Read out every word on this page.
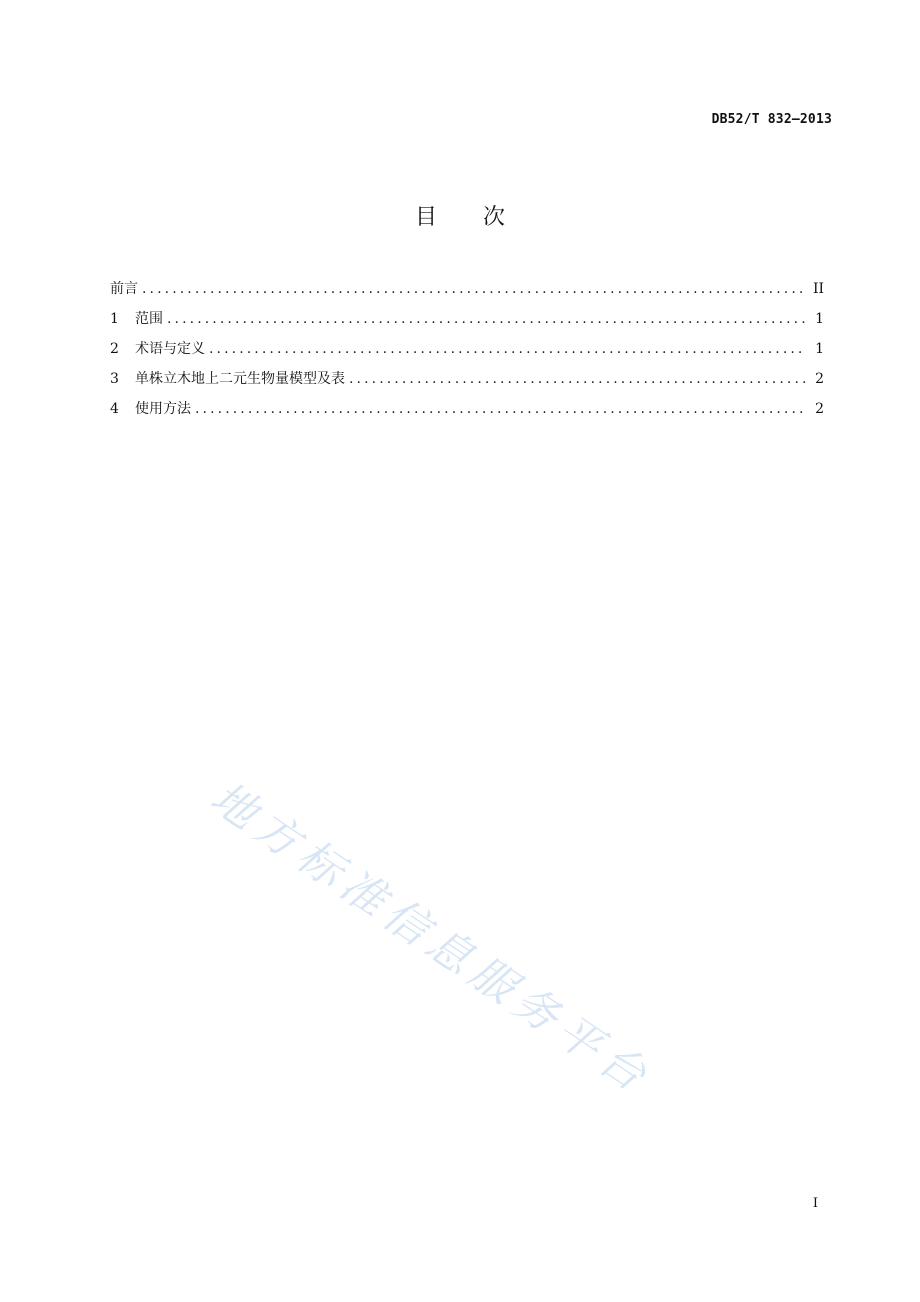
DB52/T 832—2013
目次
前言 .....	II
1	范围 .....	1
2	术语与定义 .....	1
3	单株立木地上二元生物量模型及表 .....	2
4	使用方法 .....	2
地方标准信息服务平台
I
